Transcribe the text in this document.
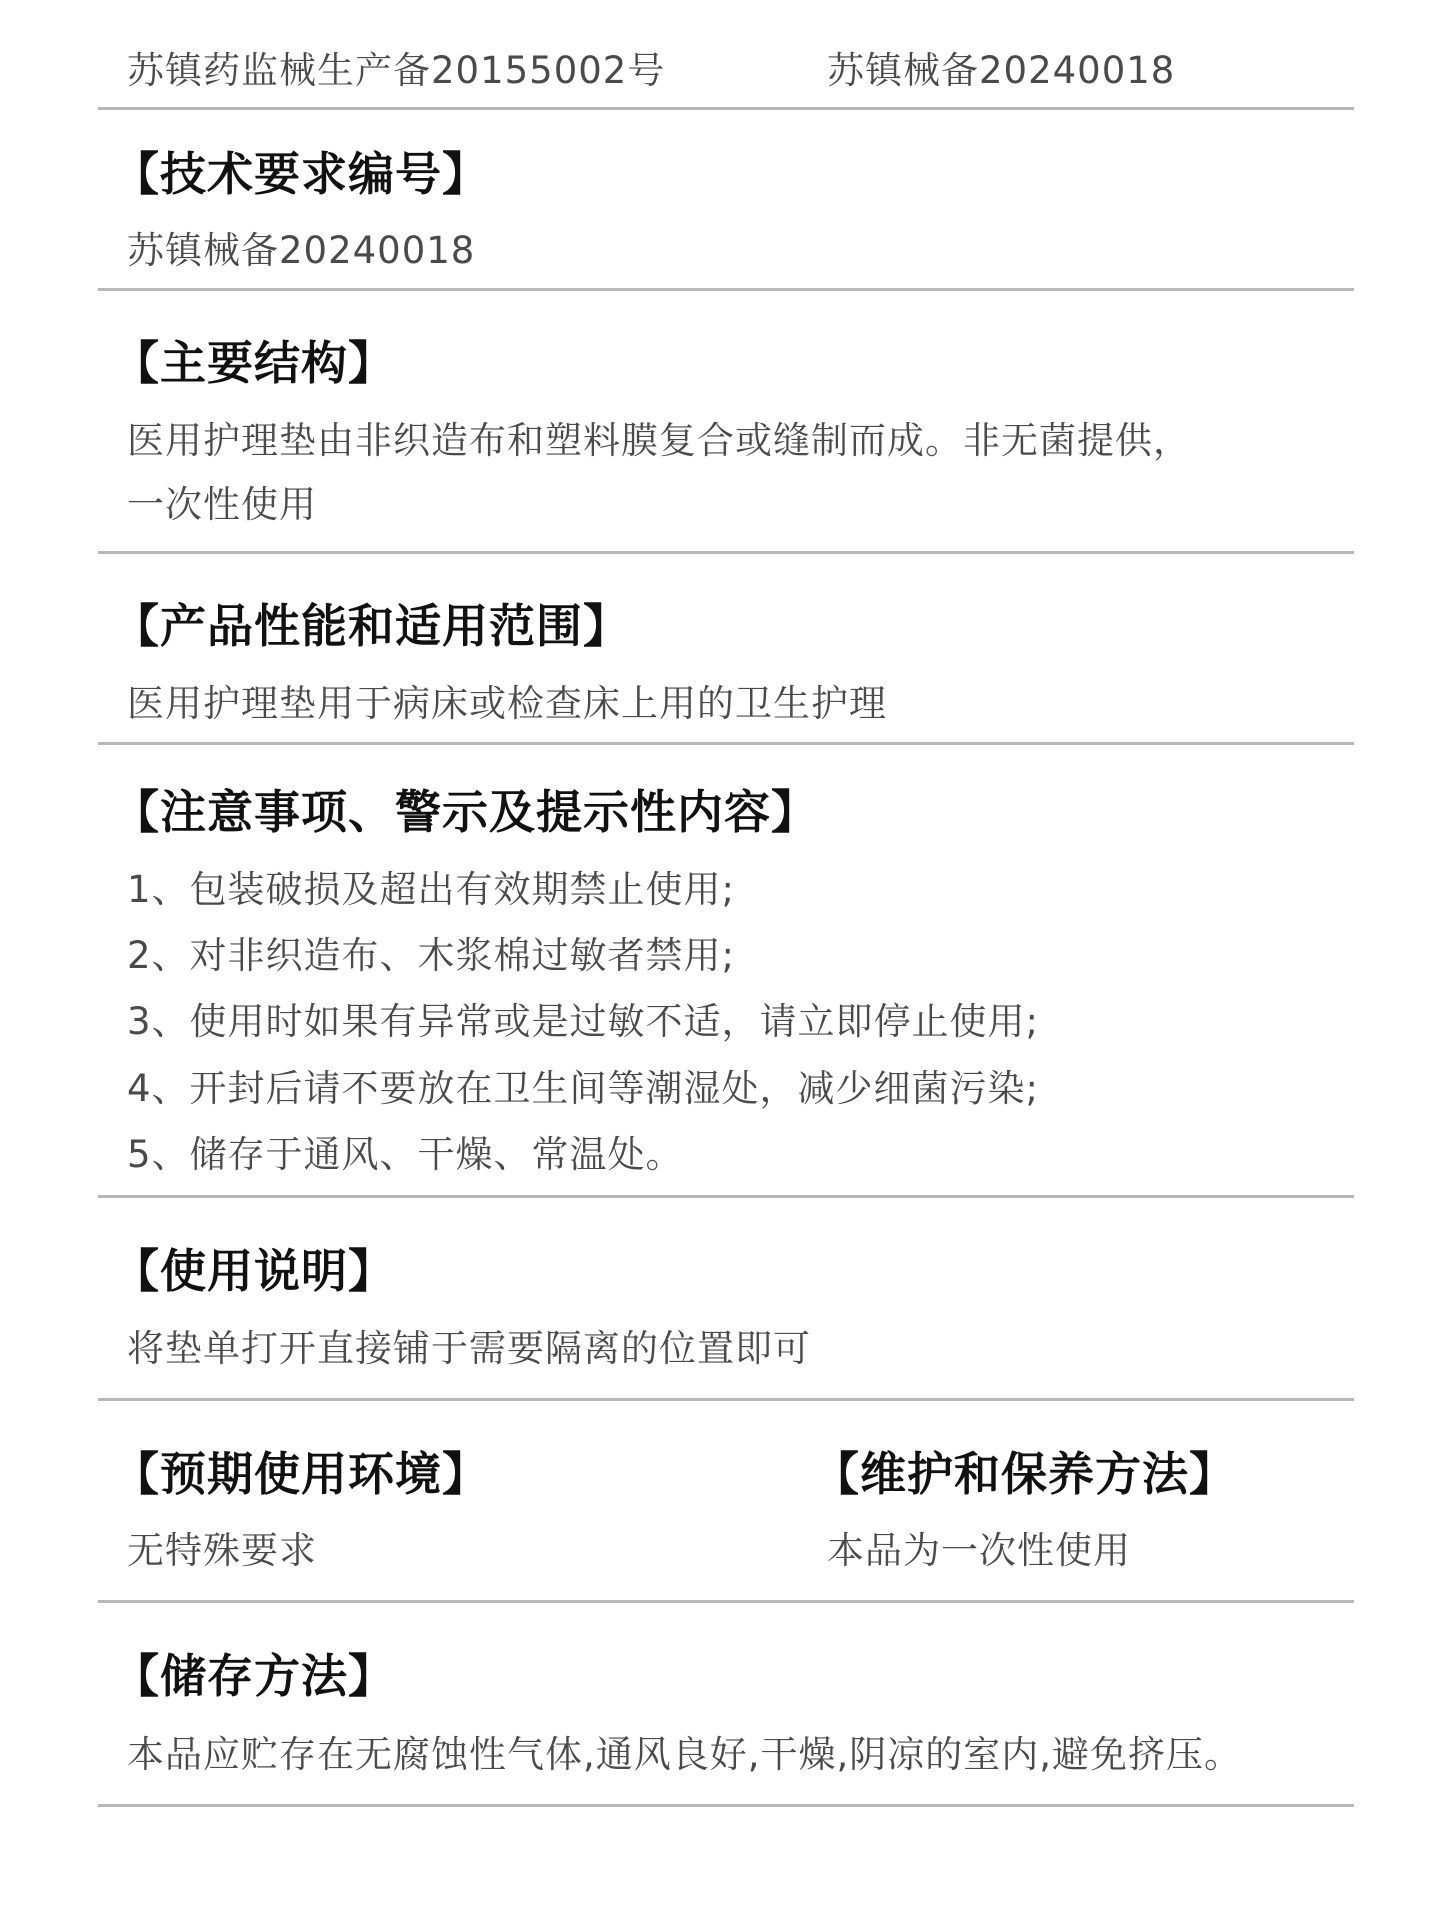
苏镇药监械生产备20155002号	苏镇械备20240018
【技术要求编号】
苏镇械备20240018
【主要结构】
医用护理垫由非织造布和塑料膜复合或缝制而成。非无菌提供，
一次性使用
【产品性能和适用范围】
医用护理垫用于病床或检查床上用的卫生护理
【注意事项、警示及提示性内容】
1、包装破损及超出有效期禁止使用;
2、对非织造布、木浆棉过敏者禁用;
3、使用时如果有异常或是过敏不适，请立即停止使用;
4、开封后请不要放在卫生间等潮湿处，减少细菌污染;
5、储存于通风、干燥、常温处。
【使用说明】
将垫单打开直接铺于需要隔离的位置即可
【预期使用环境】
无特殊要求
【维护和保养方法】
本品为一次性使用
【储存方法】
本品应贮存在无腐蚀性气体,通风良好,干燥,阴凉的室内,避免挤压。
